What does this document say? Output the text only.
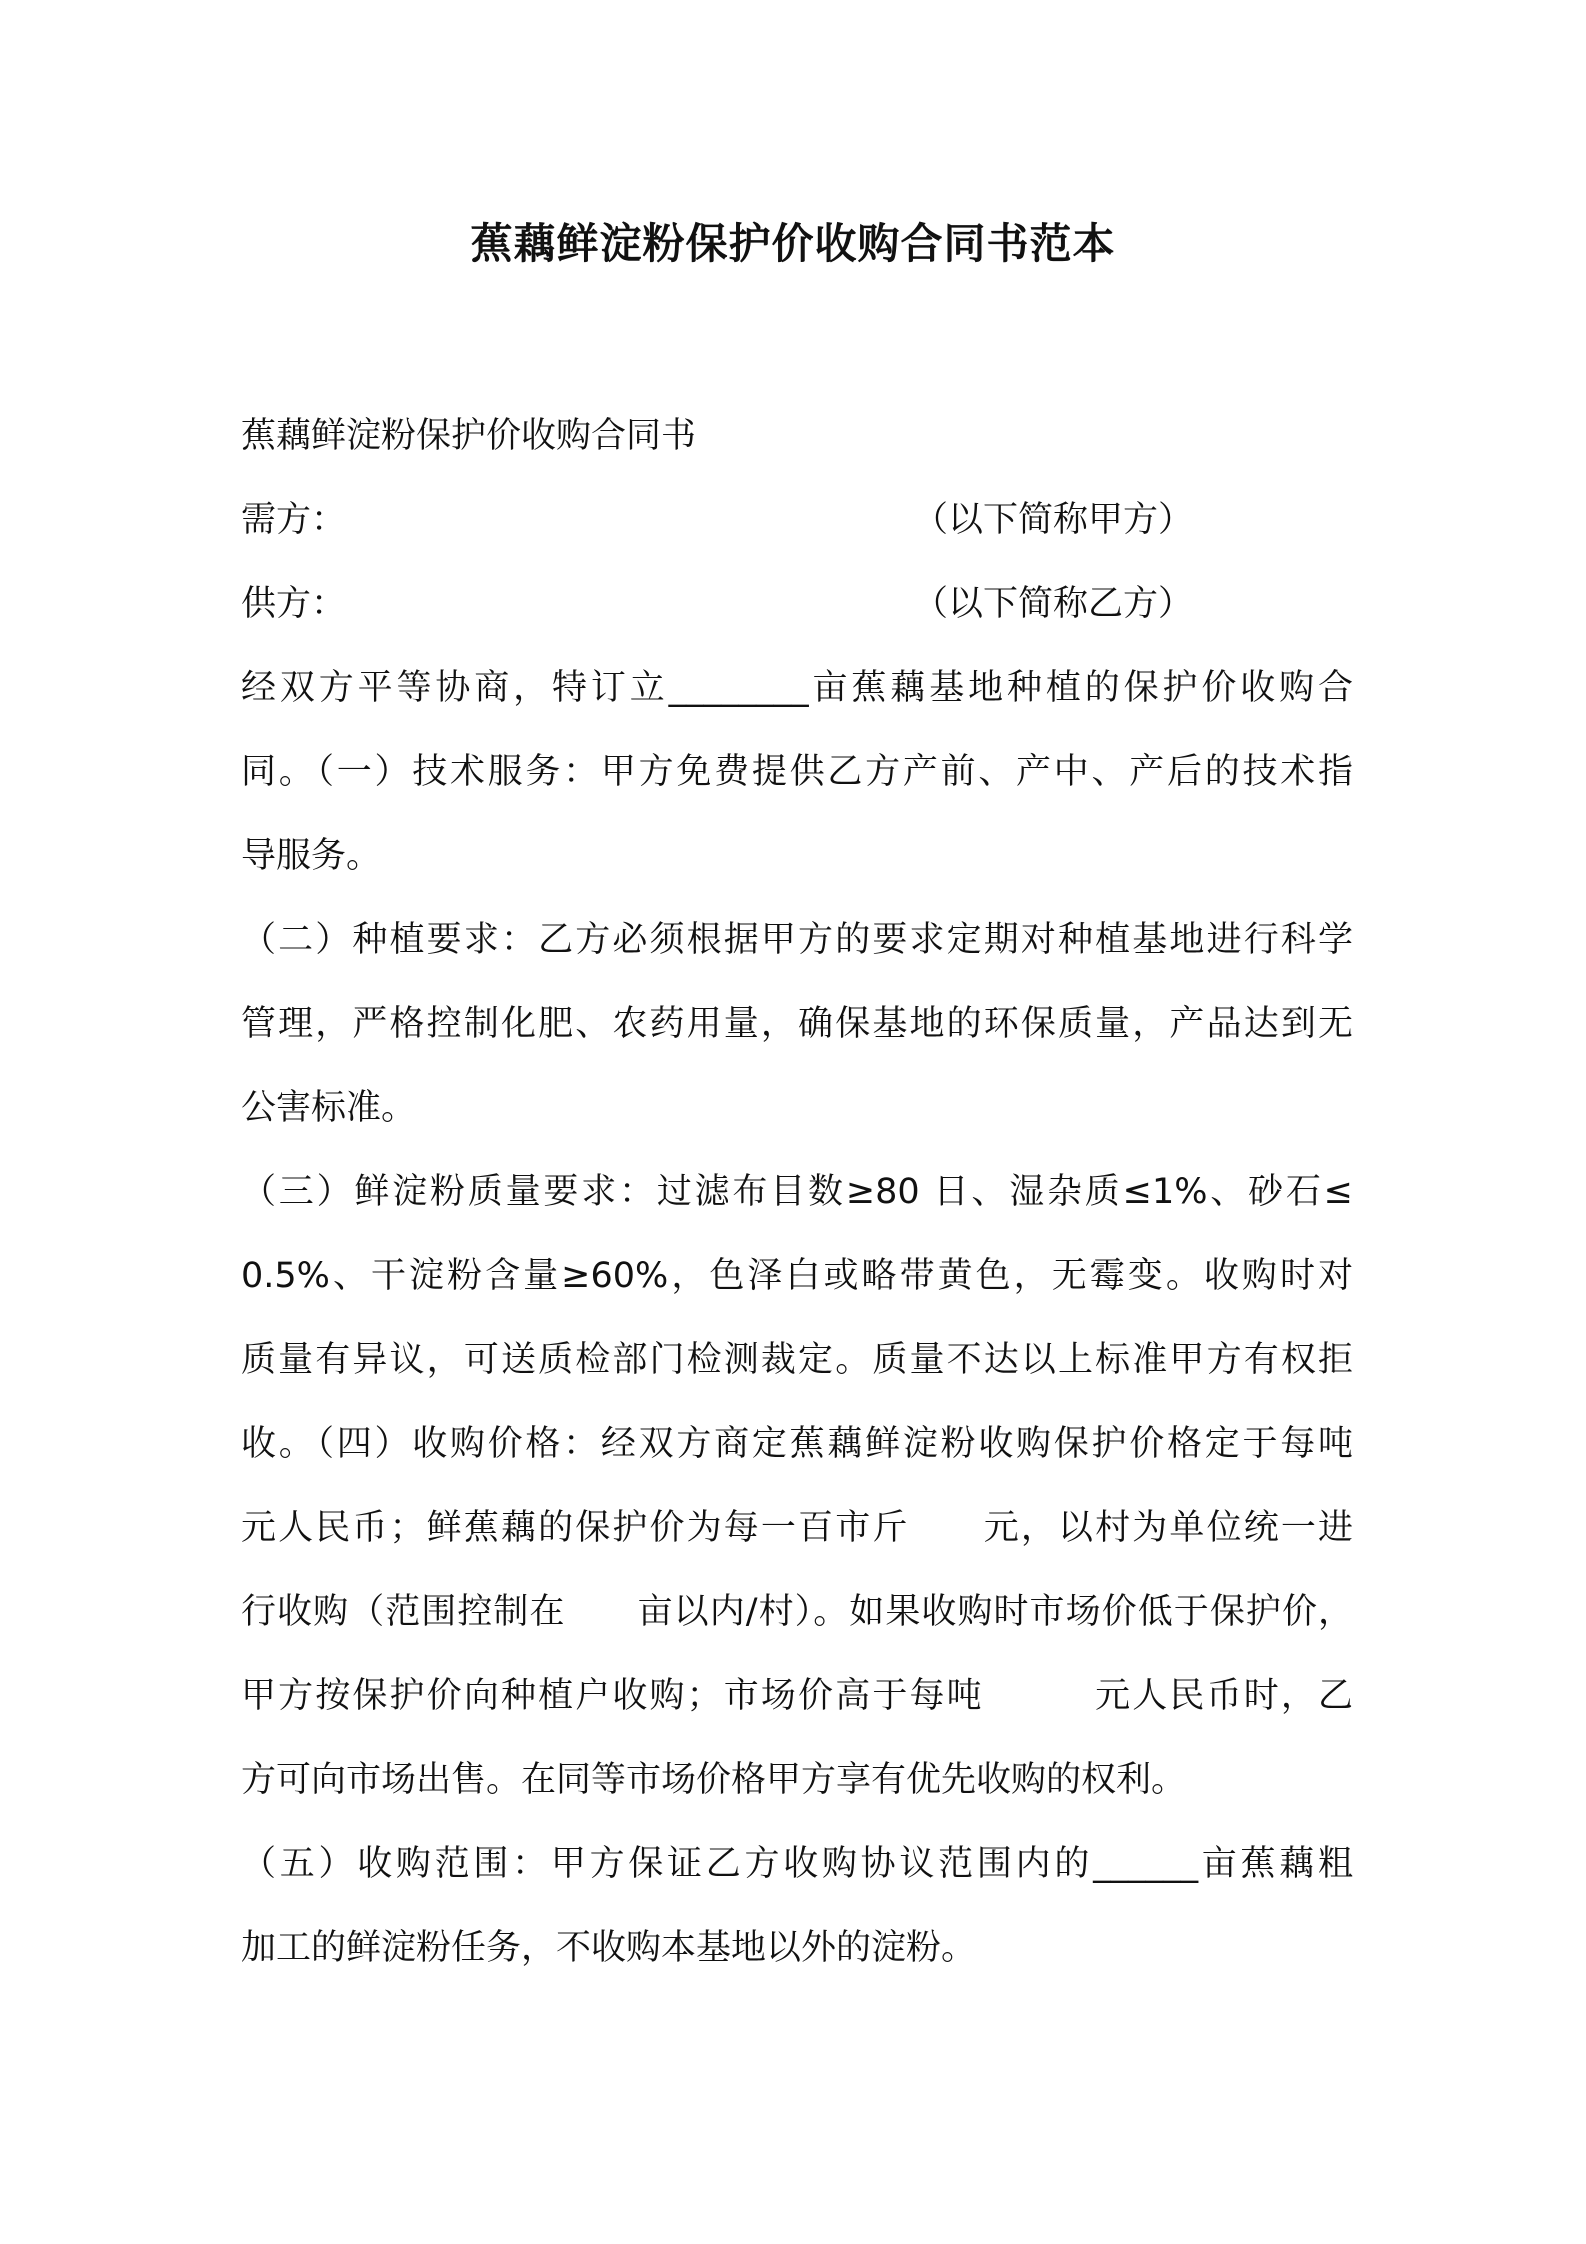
蕉藕鲜淀粉保护价收购合同书范本
蕉藕鲜淀粉保护价收购合同书
需方：	（以下简称甲方）
供方：	（以下简称乙方）
经双方平等协商，特订立________亩蕉藕基地种植的保护价收购合
同。（一）技术服务：甲方免费提供乙方产前、产中、产后的技术指
导服务。
（二）种植要求：乙方必须根据甲方的要求定期对种植基地进行科学
管理，严格控制化肥、农药用量，确保基地的环保质量，产品达到无
公害标准。
（三）鲜淀粉质量要求：过滤布目数≥80 日、湿杂质≤1%、砂石≤
0.5%、干淀粉含量≥60%，色泽白或略带黄色，无霉变。收购时对
质量有异议，可送质检部门检测裁定。质量不达以上标准甲方有权拒
收。（四）收购价格：经双方商定蕉藕鲜淀粉收购保护价格定于每吨
元人民币；鲜蕉藕的保护价为每一百市斤　　元，以村为单位统一进
行收购（范围控制在　　亩以内/村）。如果收购时市场价低于保护价，
甲方按保护价向种植户收购；市场价高于每吨　　　元人民币时，乙
方可向市场出售。在同等市场价格甲方享有优先收购的权利。
（五）收购范围：甲方保证乙方收购协议范围内的______亩蕉藕粗
加工的鲜淀粉任务，不收购本基地以外的淀粉。
